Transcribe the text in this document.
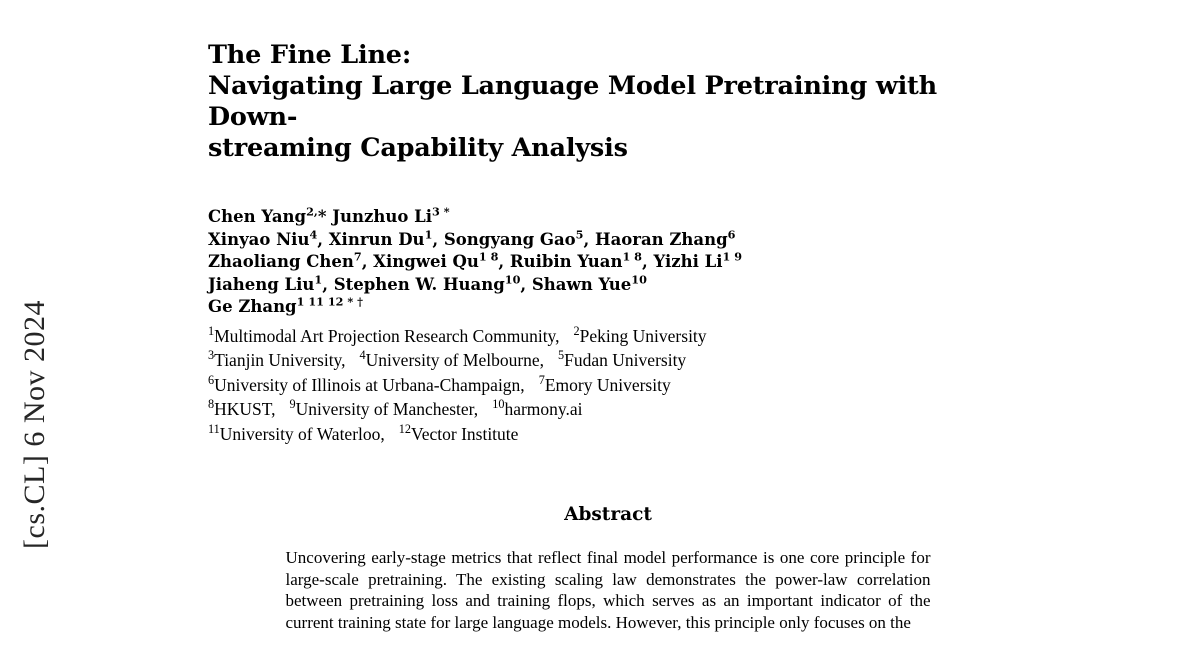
[cs.CL] 6 Nov 2024
The Fine Line:
Navigating Large Language Model Pretraining with Down-
streaming Capability Analysis
Chen Yang$^{2,}$* Junzhuo $Li^{3 *}$
Xinyao Niu$^4$, Xinrun Du$^1$, Songyang Gao$^5$, Haoran Zhang$^6$
Zhaoliang Chen$^7$, Xingwei $Qu^{1 8}$, Ruibin Yuan$^{1 8}$, Yizhi $Li^{1 9}$
Jiaheng Liu$^1$, Stephen W. Huang$^{10}$, Shawn Yue$^{10}$
Ge Zhang$^{1 11 12 * \dagger}$
$^1$Multimodal Art Projection Research Community, $^2$Peking University
$^3$Tianjin University, $^4$University of Melbourne, $^5$Fudan University
$^6$University of Illinois at Urbana-Champaign, $^7$Emory University
$^8$HKUST, $^9$University of Manchester, $^{10}$harmony.ai
$^{11}$University of Waterloo, $^{12}$Vector Institute
Abstract

Uncovering early-stage metrics that reflect final model performance is one core principle for large-scale pretraining. The existing scaling law demonstrates the power-law correlation between pretraining loss and training flops, which serves as an important indicator of the current training state for large language models. However, this principle only focuses on the
